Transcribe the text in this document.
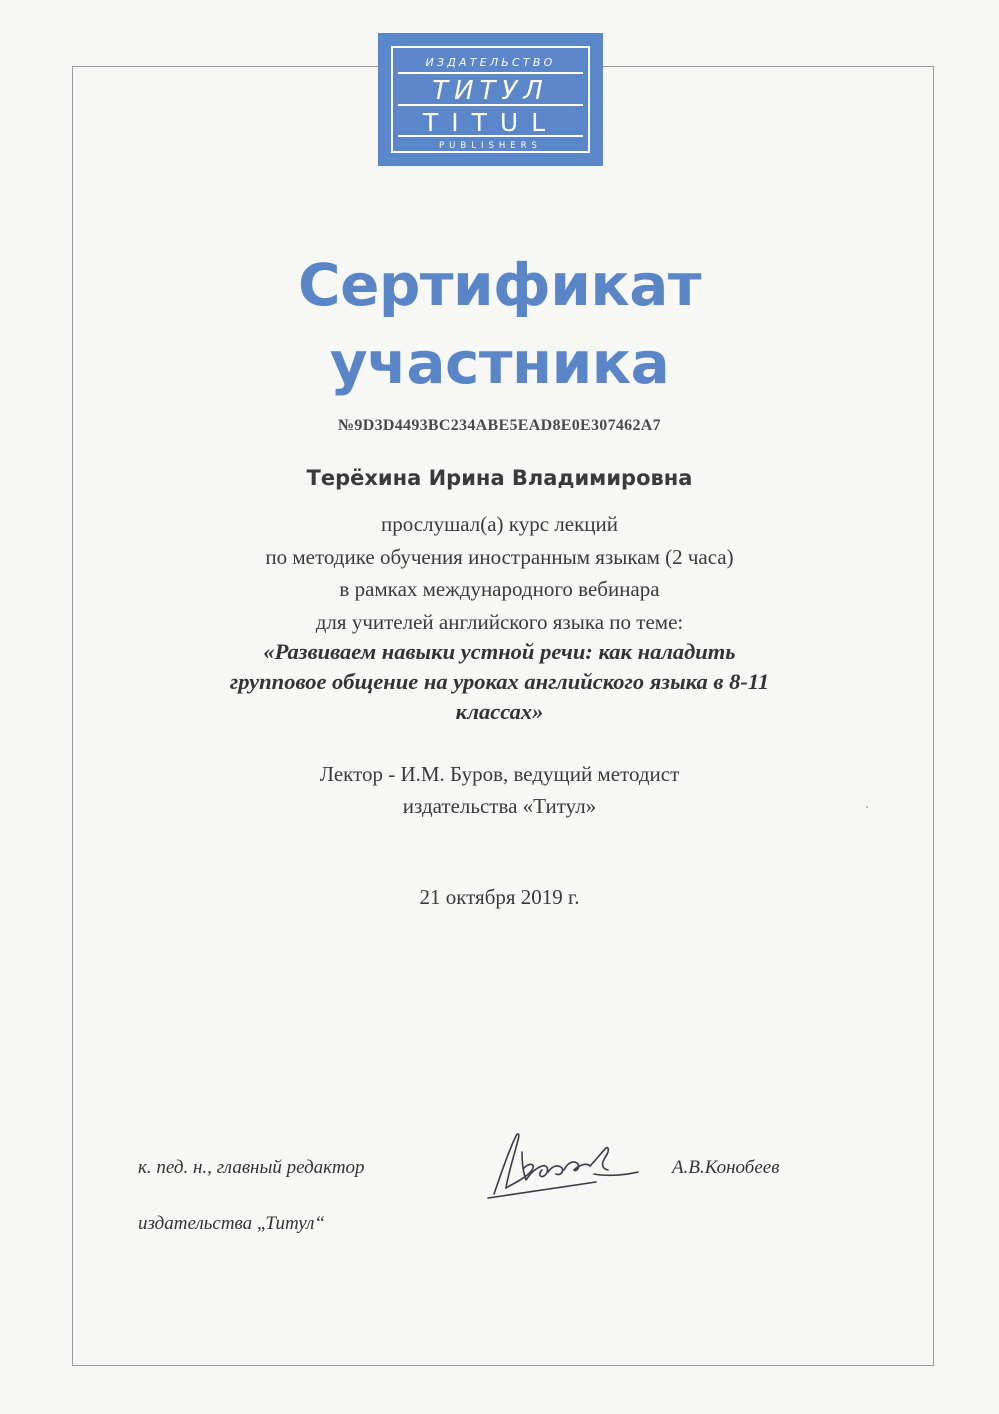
ИЗДАТЕЛЬСТВО
ТИТУЛ
TITUL
PUBLISHERS
Сертификат
участника
№9D3D4493BC234ABE5EAD8E0E307462A7
Терёхина Ирина Владимировна
прослушал(а) курс лекций
по методике обучения иностранным языкам (2 часа)
в рамках международного вебинара
для учителей английского языка по теме:
«Развиваем навыки устной речи: как наладить
групповое общение на уроках английского языка в 8-11
классах»
Лектор - И.М. Буров, ведущий методист
издательства «Титул»
21 октября 2019 г.
к. пед. н., главный редактор
издательства „Титул“
А.В.Конобеев
